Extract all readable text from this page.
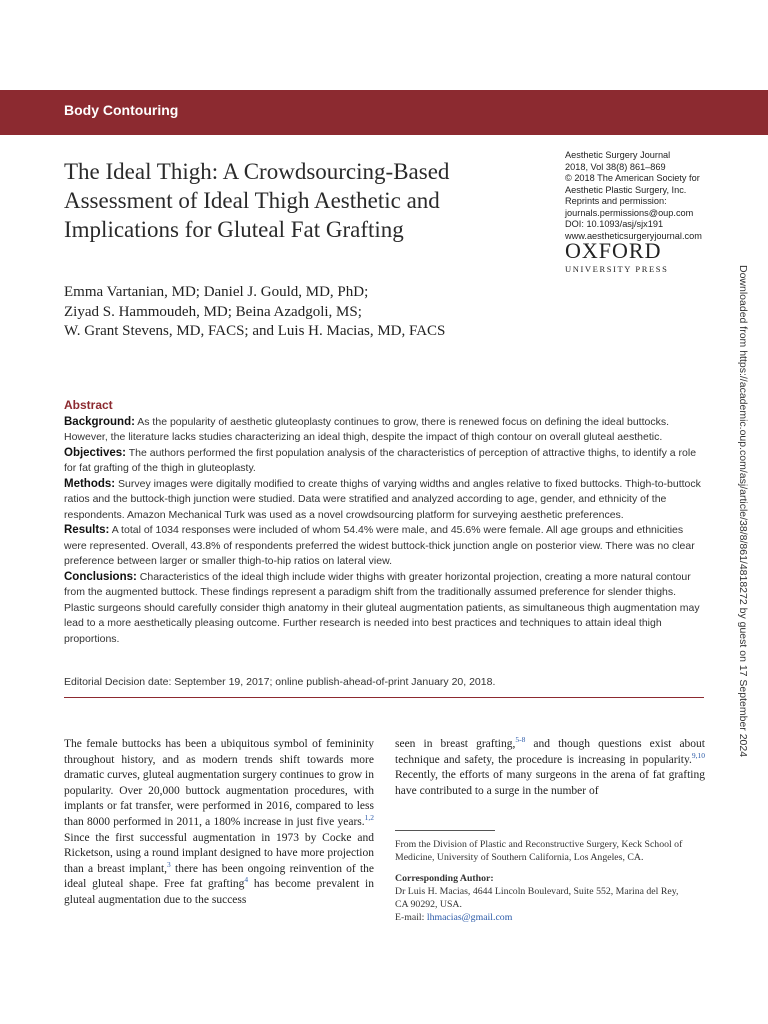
Body Contouring
The Ideal Thigh: A Crowdsourcing-Based Assessment of Ideal Thigh Aesthetic and Implications for Gluteal Fat Grafting
Aesthetic Surgery Journal
2018, Vol 38(8) 861–869
© 2018 The American Society for
Aesthetic Plastic Surgery, Inc.
Reprints and permission:
journals.permissions@oup.com
DOI: 10.1093/asj/sjx191
www.aestheticsurgeryjournal.com
OXFORD
UNIVERSITY PRESS
Emma Vartanian, MD; Daniel J. Gould, MD, PhD;
Ziyad S. Hammoudeh, MD; Beina Azadgoli, MS;
W. Grant Stevens, MD, FACS; and Luis H. Macias, MD, FACS	Downloaded from https://academic.oup.com/asj/article/38/8/861/4818272 by guest on 17 September 2024
Abstract

Background: As the popularity of aesthetic gluteoplasty continues to grow, there is renewed focus on defining the ideal buttocks. However, the literature lacks studies characterizing an ideal thigh, despite the impact of thigh contour on overall gluteal aesthetic.

Objectives: The authors performed the first population analysis of the characteristics of perception of attractive thighs, to identify a role for fat grafting of the thigh in gluteoplasty.

Methods: Survey images were digitally modified to create thighs of varying widths and angles relative to fixed buttocks. Thigh-to-buttock ratios and the buttock-thigh junction were studied. Data were stratified and analyzed according to age, gender, and ethnicity of the respondents. Amazon Mechanical Turk was used as a novel crowdsourcing platform for surveying aesthetic preferences.

Results: A total of 1034 responses were included of whom 54.4% were male, and 45.6% were female. All age groups and ethnicities were represented. Overall, 43.8% of respondents preferred the widest buttock-thick junction angle on posterior view. There was no clear preference between larger or smaller thigh-to-hip ratios on lateral view.

Conclusions: Characteristics of the ideal thigh include wider thighs with greater horizontal projection, creating a more natural contour from the augmented buttock. These findings represent a paradigm shift from the traditionally assumed preference for slender thighs. Plastic surgeons should carefully consider thigh anatomy in their gluteal augmentation patients, as simultaneous thigh augmentation may lead to a more aesthetically pleasing outcome. Further research is needed into best practices and techniques to attain ideal thigh proportions.

Editorial Decision date: September 19, 2017; online publish-ahead-of-print January 20, 2018.

The female buttocks has been a ubiquitous symbol of femininity throughout history, and as modern trends shift towards more dramatic curves, gluteal augmentation surgery continues to grow in popularity. Over 20,000 buttock augmentation procedures, with implants or fat transfer, were performed in 2016, compared to less than 8000 performed in 2011, a 180% increase in just five years.$^{1,2}$ Since the first successful augmentation in 1973 by Cocke and Ricketson, using a round implant designed to have more projection than a breast implant,$^3$ there has been ongoing reinvention of the ideal gluteal shape. Free fat grafting$^4$ has become prevalent in gluteal augmentation due to the success

seen in breast grafting,$^{5-8}$ and though questions exist about technique and safety, the procedure is increasing in popularity.$^{9,10}$ Recently, the efforts of many surgeons in the arena of fat grafting have contributed to a surge in the number of

From the Division of Plastic and Reconstructive Surgery, Keck School of Medicine, University of Southern California, Los Angeles, CA.
Corresponding Author:
Dr Luis H. Macias, 4644 Lincoln Boulevard, Suite 552, Marina del Rey,
CA 90292, USA.
E-mail: lhmacias@gmail.com
